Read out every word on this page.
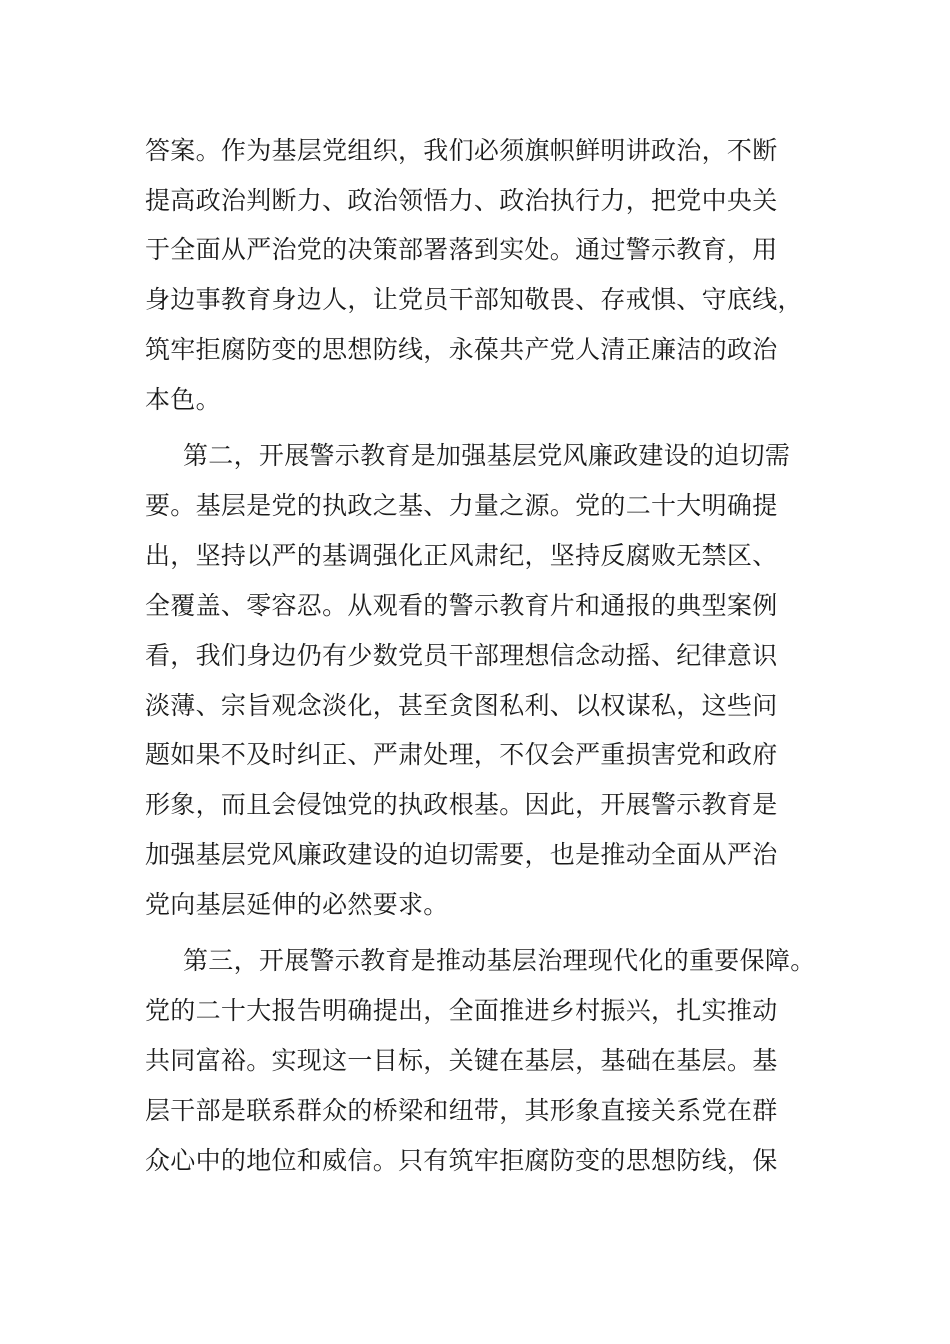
答案。作为基层党组织，我们必须旗帜鲜明讲政治，不断
提高政治判断力、政治领悟力、政治执行力，把党中央关
于全面从严治党的决策部署落到实处。通过警示教育，用
身边事教育身边人，让党员干部知敬畏、存戒惧、守底线，
筑牢拒腐防变的思想防线，永葆共产党人清正廉洁的政治
本色。
第二，开展警示教育是加强基层党风廉政建设的迫切需
要。基层是党的执政之基、力量之源。党的二十大明确提
出，坚持以严的基调强化正风肃纪，坚持反腐败无禁区、
全覆盖、零容忍。从观看的警示教育片和通报的典型案例
看，我们身边仍有少数党员干部理想信念动摇、纪律意识
淡薄、宗旨观念淡化，甚至贪图私利、以权谋私，这些问
题如果不及时纠正、严肃处理，不仅会严重损害党和政府
形象，而且会侵蚀党的执政根基。因此，开展警示教育是
加强基层党风廉政建设的迫切需要，也是推动全面从严治
党向基层延伸的必然要求。
第三，开展警示教育是推动基层治理现代化的重要保障。
党的二十大报告明确提出，全面推进乡村振兴，扎实推动
共同富裕。实现这一目标，关键在基层，基础在基层。基
层干部是联系群众的桥梁和纽带，其形象直接关系党在群
众心中的地位和威信。只有筑牢拒腐防变的思想防线，保
